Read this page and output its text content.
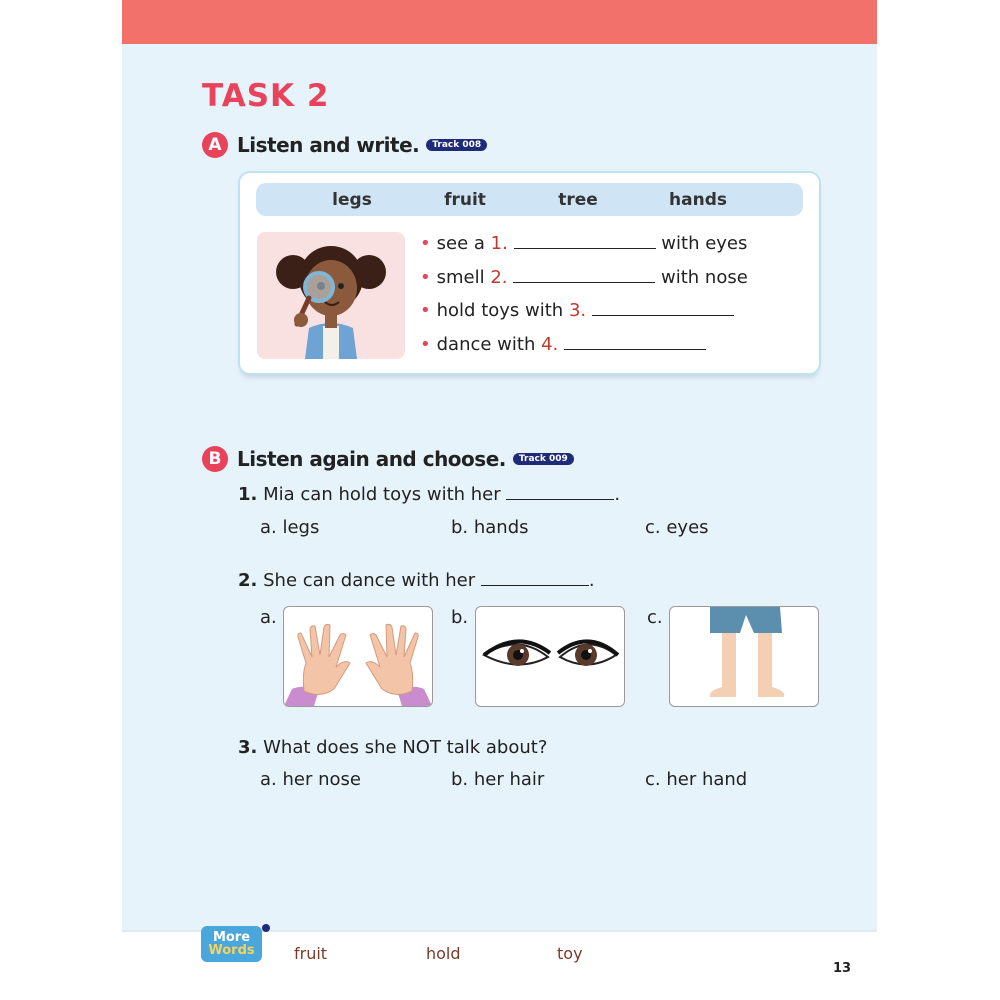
TASK 2
A Listen and write.	Track 008
legs	fruit	tree	hands
• see a 1.	with eyes
• smell 2.	with nose
• hold toys with 3.
• dance with 4.
B Listen again and choose.	Track 009
1. Mia can hold toys with her	.
a. legs	b. hands	c. eyes
2. She can dance with her	.
a.	b.	c.
3. What does she NOT talk about?
a. her nose	b. her hair	c. her hand
More
Words	fruit	hold	toy
13
